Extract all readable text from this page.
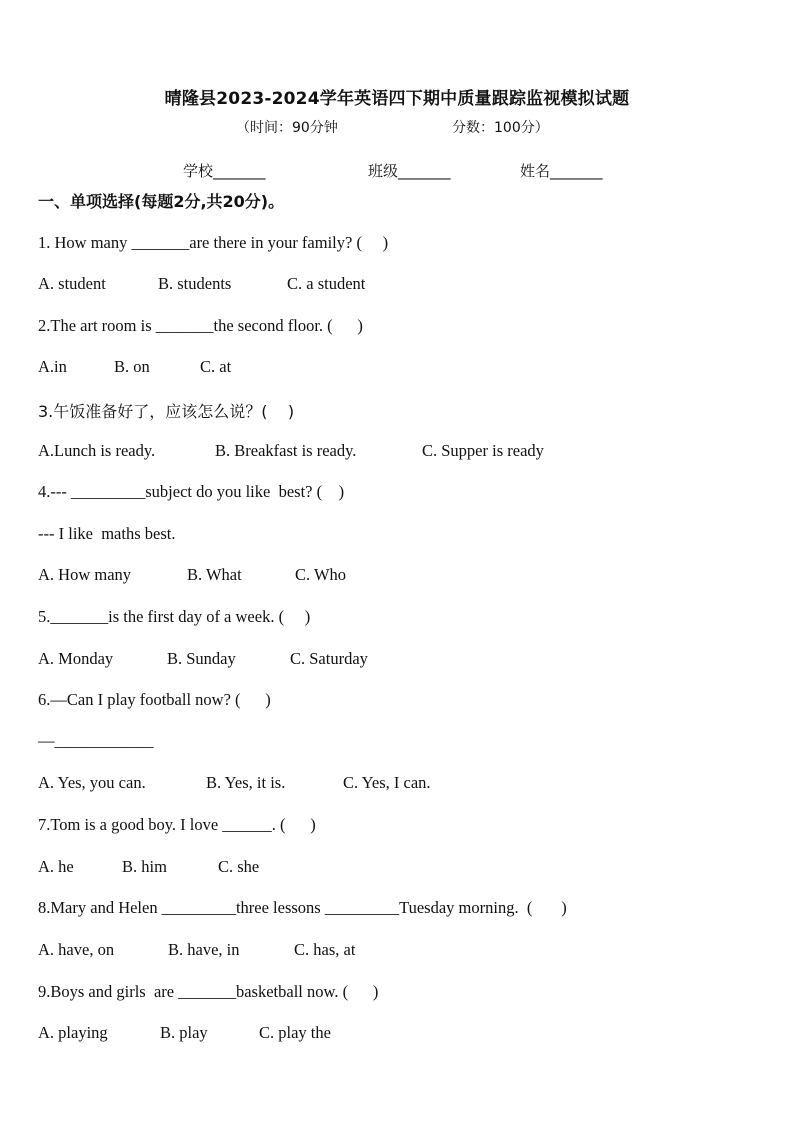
晴隆县2023-2024学年英语四下期中质量跟踪监视模拟试题
（时间：90分钟	分数：100分）
学校_______	班级_______	姓名_______
一、单项选择(每题2分,共20分)。
1. How many _______are there in your family? (     )
A. student	B. students	C. a student
2.The art room is _______the second floor. (      )
A.in	B. on	C. at
3.午饭准备好了，应该怎么说？(    )
A.Lunch is ready.	B. Breakfast is ready.	C. Supper is ready
4.--- _________subject do you like  best? (    )
--- I like  maths best.
A. How many	B. What	C. Who
5._______is the first day of a week. (     )
A. Monday	B. Sunday	C. Saturday
6.—Can I play football now? (      )
—____________
A. Yes, you can.	B. Yes, it is.	C. Yes, I can.
7.Tom is a good boy. I love ______. (      )
A. he	B. him	C. she
8.Mary and Helen _________three lessons _________Tuesday morning.  (       )
A. have, on	B. have, in	C. has, at
9.Boys and girls  are _______basketball now. (      )
A. playing	B. play	C. play the
